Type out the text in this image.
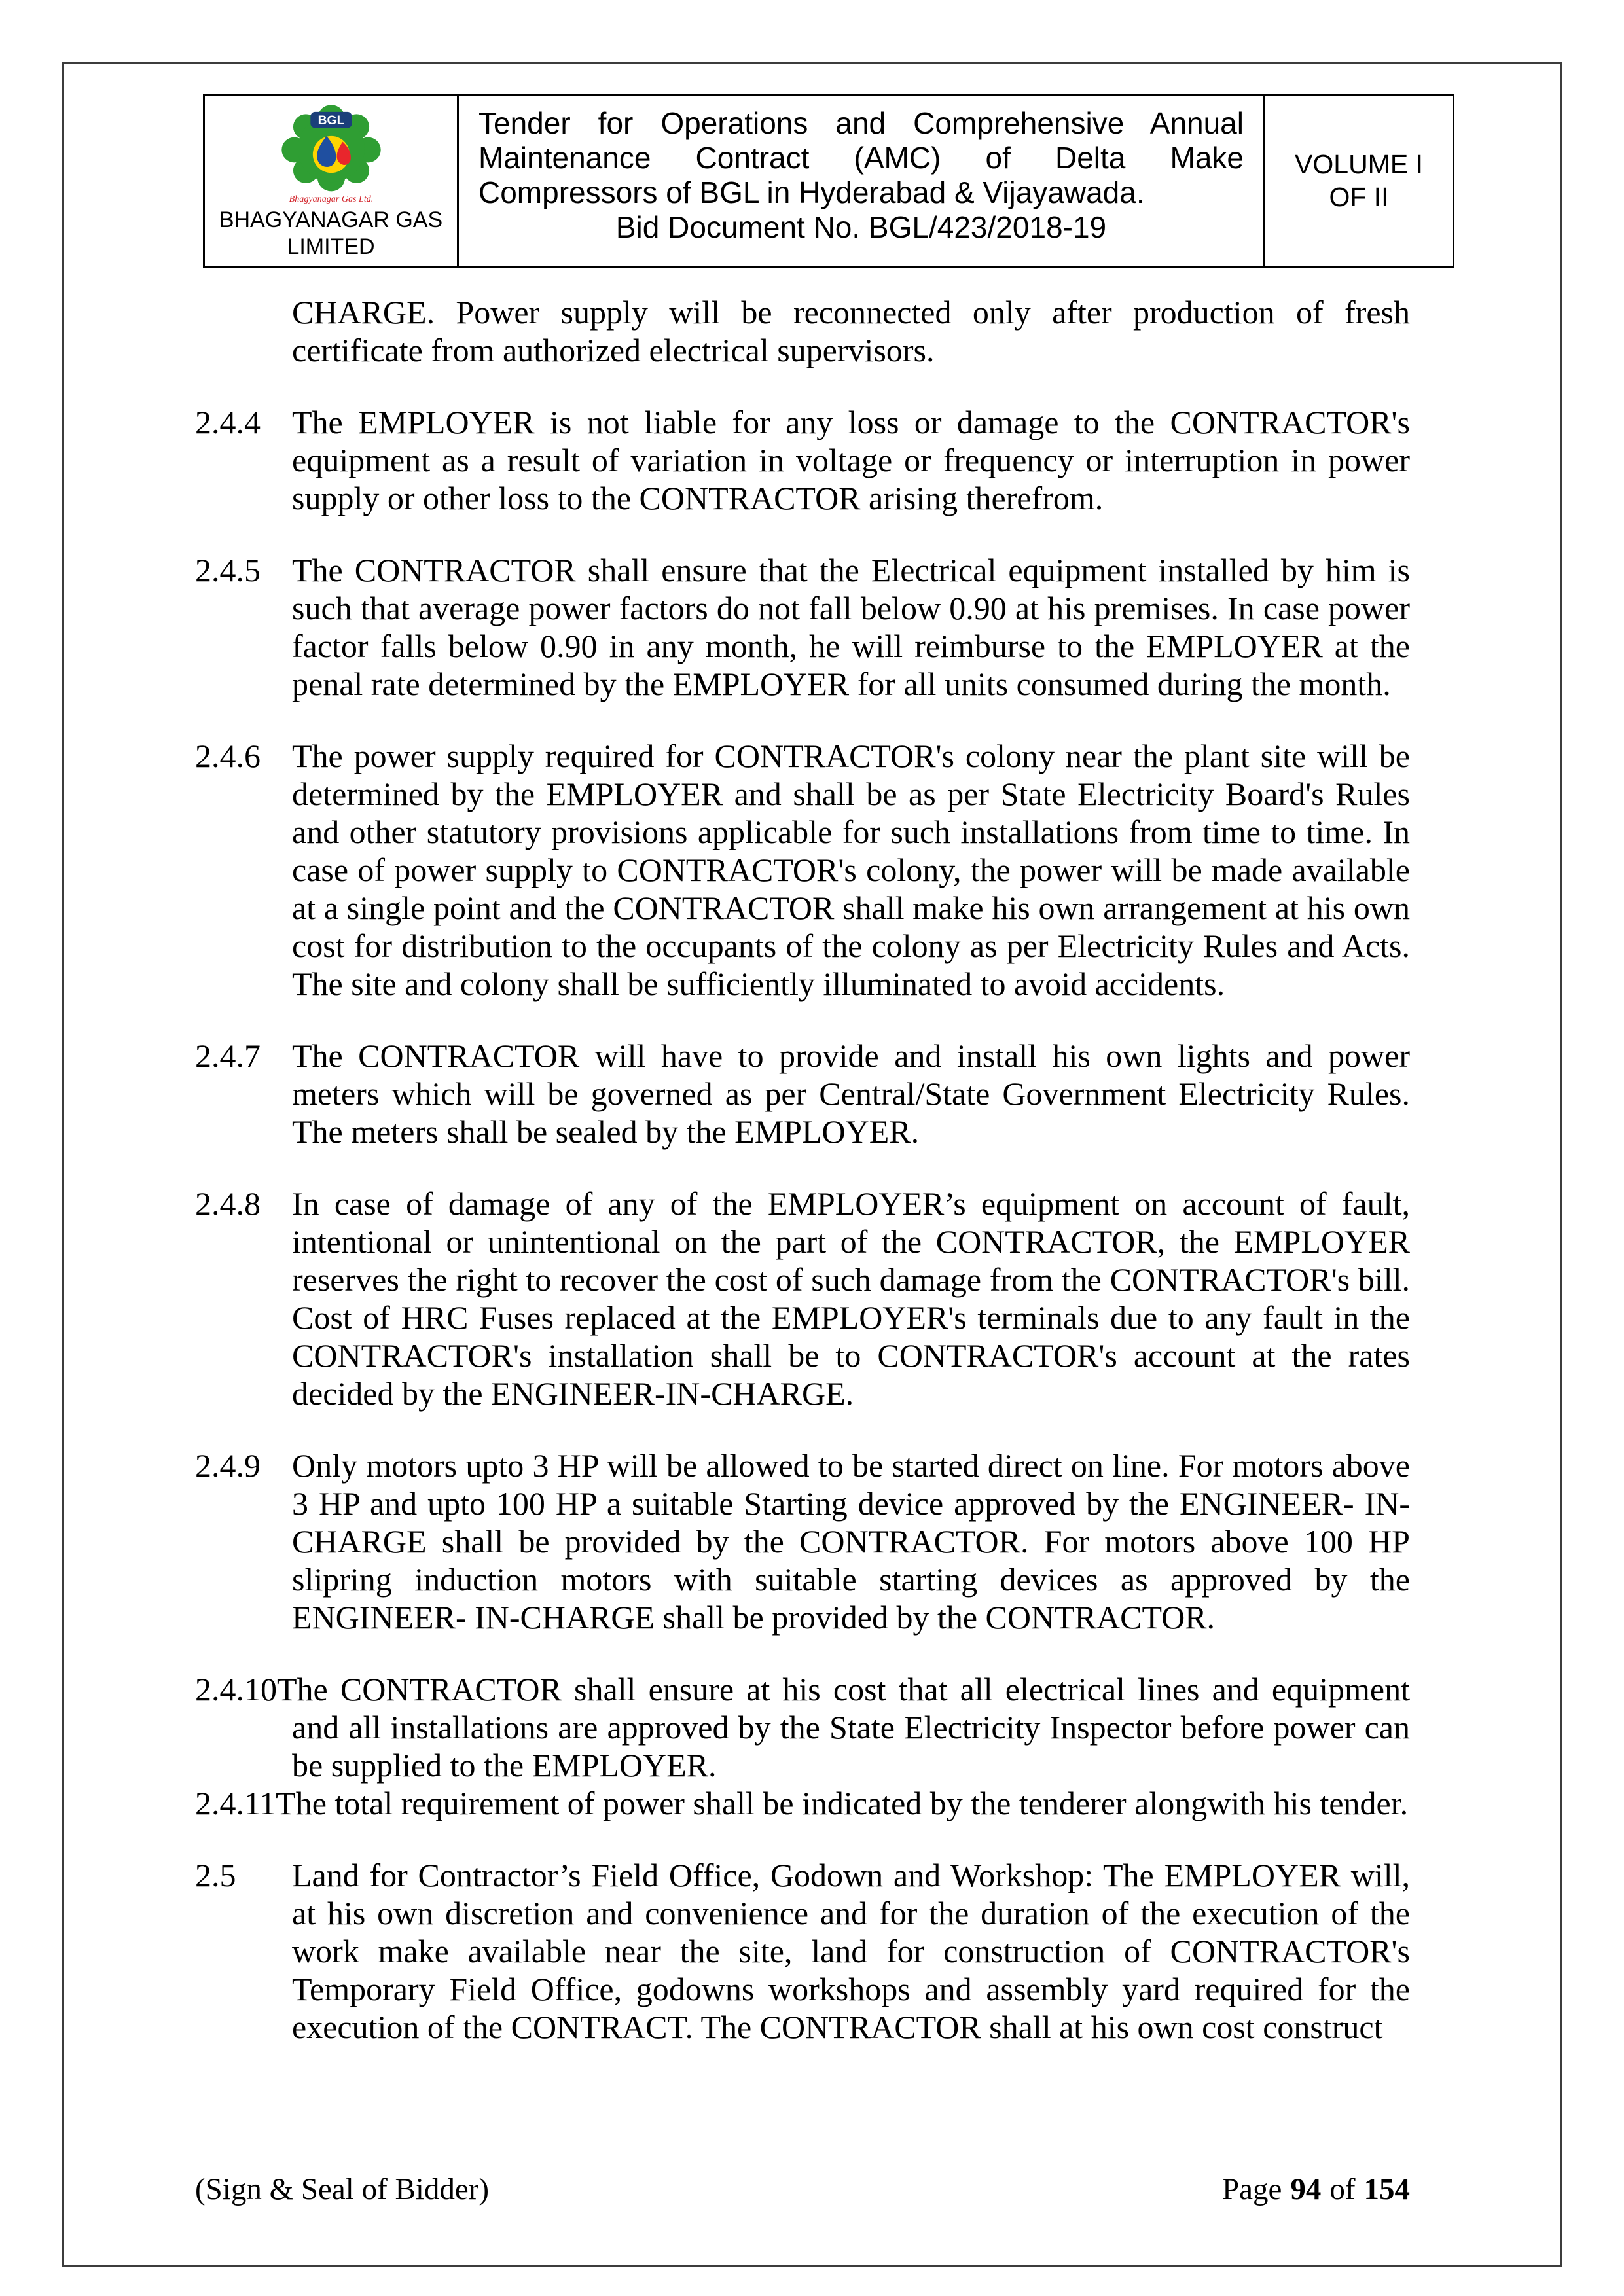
BGL
Bhagyanagar Gas Ltd.
BHAGYANAGAR GAS
LIMITED
Tender for Operations and Comprehensive Annual Maintenance Contract (AMC) of Delta Make Compressors of BGL in Hyderabad & Vijayawada.
Bid Document No. BGL/423/2018-19
VOLUME I
OF II

CHARGE. Power supply will be reconnected only after production of fresh certificate from authorized electrical supervisors.

2.4.4 The EMPLOYER is not liable for any loss or damage to the CONTRACTOR's equipment as a result of variation in voltage or frequency or interruption in power supply or other loss to the CONTRACTOR arising therefrom.
2.4.5 The CONTRACTOR shall ensure that the Electrical equipment installed by him is such that average power factors do not fall below 0.90 at his premises. In case power factor falls below 0.90 in any month, he will reimburse to the EMPLOYER at the penal rate determined by the EMPLOYER for all units consumed during the month.
2.4.6 The power supply required for CONTRACTOR's colony near the plant site will be determined by the EMPLOYER and shall be as per State Electricity Board's Rules and other statutory provisions applicable for such installations from time to time. In case of power supply to CONTRACTOR's colony, the power will be made available at a single point and the CONTRACTOR shall make his own arrangement at his own cost for distribution to the occupants of the colony as per Electricity Rules and Acts. The site and colony shall be sufficiently illuminated to avoid accidents.
2.4.7 The CONTRACTOR will have to provide and install his own lights and power meters which will be governed as per Central/State Government Electricity Rules. The meters shall be sealed by the EMPLOYER.
2.4.8 In case of damage of any of the EMPLOYER’s equipment on account of fault, intentional or unintentional on the part of the CONTRACTOR, the EMPLOYER reserves the right to recover the cost of such damage from the CONTRACTOR's bill. Cost of HRC Fuses replaced at the EMPLOYER's terminals due to any fault in the CONTRACTOR's installation shall be to CONTRACTOR's account at the rates decided by the ENGINEER-IN-CHARGE.
2.4.9 Only motors upto 3 HP will be allowed to be started direct on line. For motors above 3 HP and upto 100 HP a suitable Starting device approved by the ENGINEER- IN-CHARGE shall be provided by the CONTRACTOR. For motors above 100 HP slipring induction motors with suitable starting devices as approved by the ENGINEER- IN-CHARGE shall be provided by the CONTRACTOR.

2.4.10The CONTRACTOR shall ensure at his cost that all electrical lines and equipment and all installations are approved by the State Electricity Inspector before power can be supplied to the EMPLOYER.

2.4.11The total requirement of power shall be indicated by the tenderer alongwith his tender.

2.5	Land for Contractor’s Field Office, Godown and Workshop: The EMPLOYER will, at his own discretion and convenience and for the duration of the execution of the work make available near the site, land for construction of CONTRACTOR's Temporary Field Office, godowns workshops and assembly yard required for the execution of the CONTRACT. The CONTRACTOR shall at his own cost construct
(Sign & Seal of Bidder)	Page 94 of 154
